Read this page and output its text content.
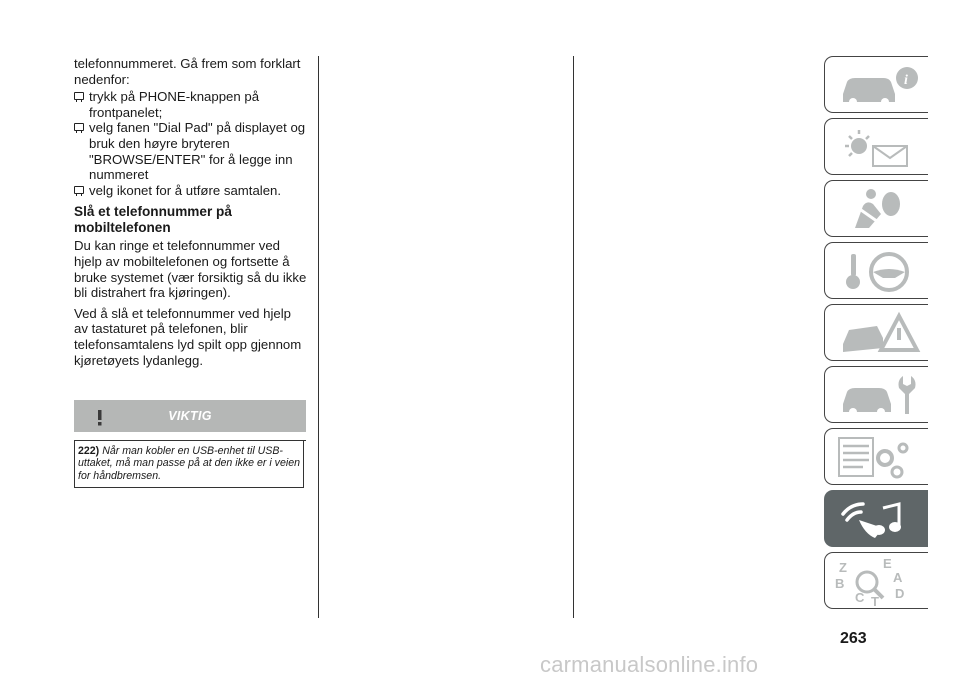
telefonnummeret. Gå frem som forklart nedenfor:

trykk på PHONE-knappen på frontpanelet;
velg fanen "Dial Pad" på displayet og bruk den høyre bryteren "BROWSE/ENTER" for å legge inn nummeret
velg ikonet for å utføre samtalen.
Slå et telefonnummer på mobiltelefonen

Du kan ringe et telefonnummer ved hjelp av mobiltelefonen og fortsette å bruke systemet (vær forsiktig så du ikke bli distrahert fra kjøringen).

Ved å slå et telefonnummer ved hjelp av tastaturet på telefonen, blir telefonsamtalens lyd spilt opp gjennom kjøretøyets lydanlegg.

VIKTIG
222) Når man kobler en USB-enhet til USB-uttaket, må man passe på at den ikke er i veien for håndbremsen.
i
Z	E
A
D
B
C T
263
carmanualsonline.info
